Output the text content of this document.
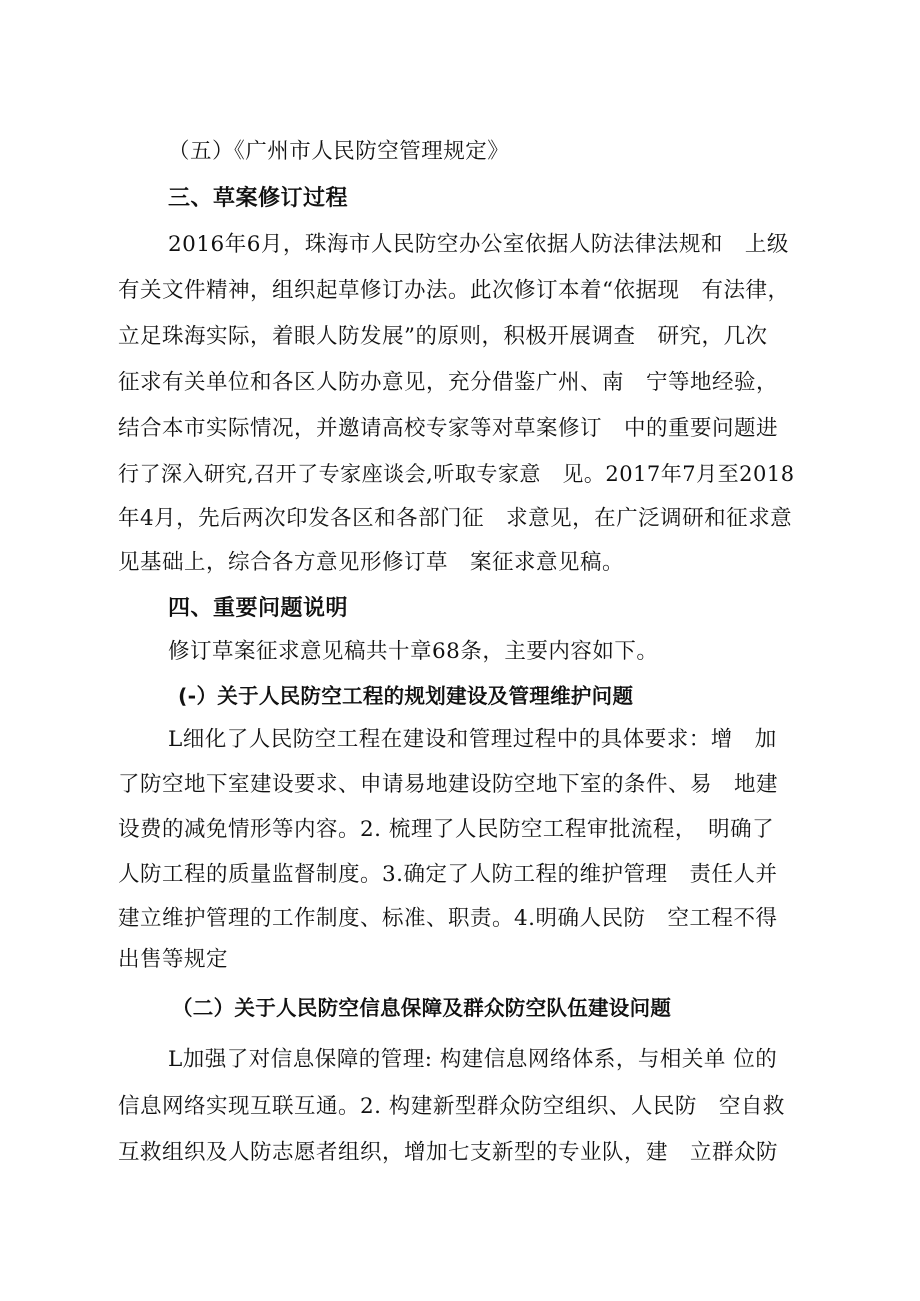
（五）《广州市人民防空管理规定》

三、草案修订过程

2016年6月，珠海市人民防空办公室依据人防法律法规和　上级

有关文件精神，组织起草修订办法。此次修订本着“依据现　有法律，

立足珠海实际，着眼人防发展”的原则，积极开展调查　研究，几次

征求有关单位和各区人防办意见，充分借鉴广州、南　宁等地经验，

结合本市实际情况，并邀请高校专家等对草案修订　中的重要问题进

行了深入研究,召开了专家座谈会,听取专家意　见。2017年7月至2018

年4月，先后两次印发各区和各部门征　求意见，在广泛调研和征求意

见基础上，综合各方意见形修订草　案征求意见稿。

四、重要问题说明

修订草案征求意见稿共十章68条，主要内容如下。

(-）关于人民防空工程的规划建设及管理维护问题

L细化了人民防空工程在建设和管理过程中的具体要求：增　加

了防空地下室建设要求、申请易地建设防空地下室的条件、易　地建

设费的减免情形等内容。2. 梳理了人民防空工程审批流程，　明确了

人防工程的质量监督制度。3.确定了人防工程的维护管理　责任人并

建立维护管理的工作制度、标准、职责。4.明确人民防　空工程不得

出售等规定

（二）关于人民防空信息保障及群众防空队伍建设问题

L加强了对信息保障的管理: 构建信息网络体系，与相关单 位的

信息网络实现互联互通。2. 构建新型群众防空组织、人民防　空自救

互救组织及人防志愿者组织，增加七支新型的专业队，建　立群众防
